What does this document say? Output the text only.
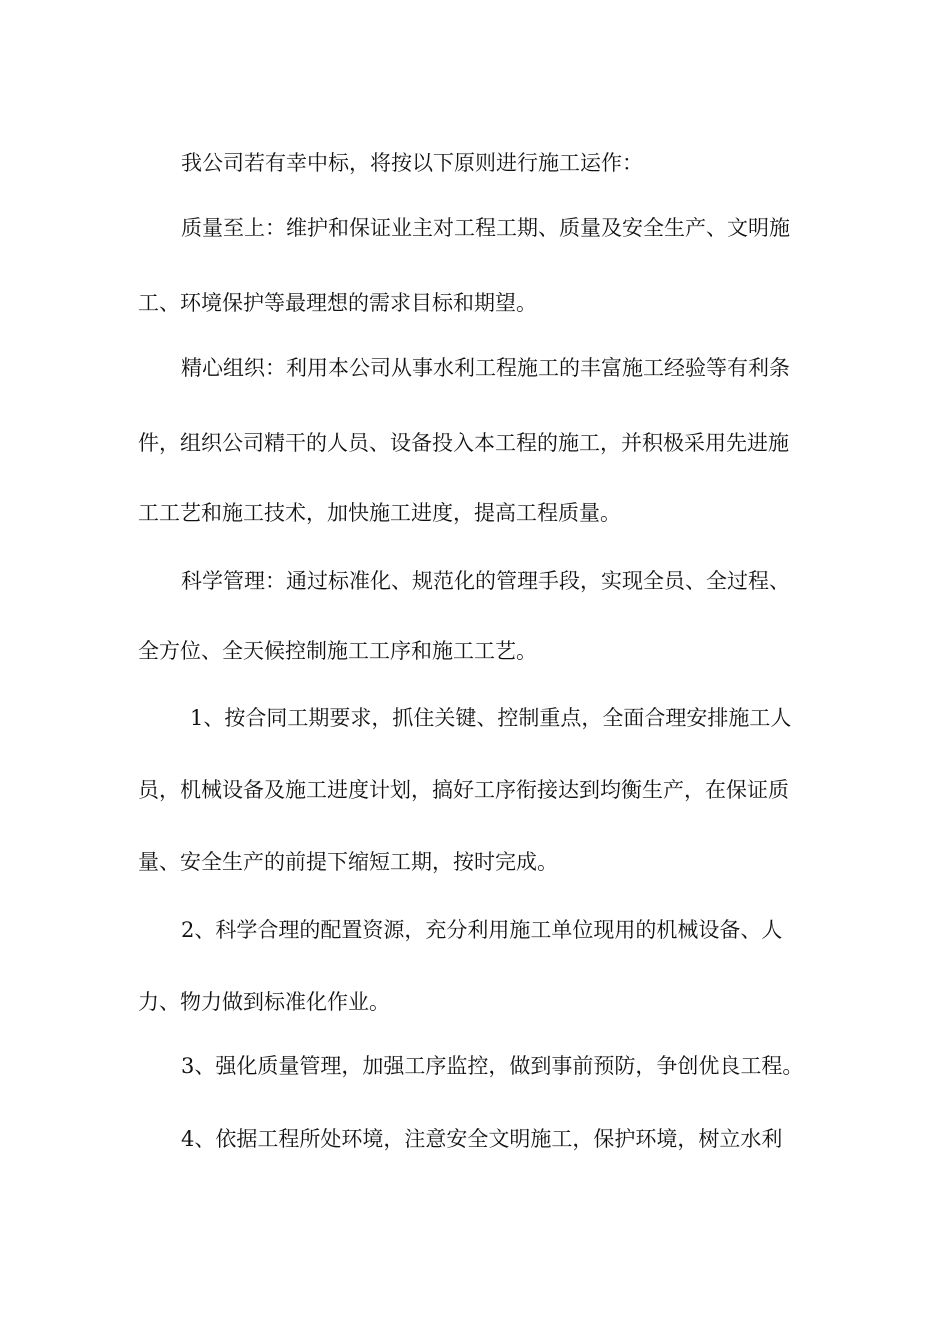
我公司若有幸中标，将按以下原则进行施工运作：
质量至上：维护和保证业主对工程工期、质量及安全生产、文明施
工、环境保护等最理想的需求目标和期望。
精心组织：利用本公司从事水利工程施工的丰富施工经验等有利条
件，组织公司精干的人员、设备投入本工程的施工，并积极采用先进施
工工艺和施工技术，加快施工进度，提高工程质量。
科学管理：通过标准化、规范化的管理手段，实现全员、全过程、
全方位、全天候控制施工工序和施工工艺。
1、按合同工期要求，抓住关键、控制重点，全面合理安排施工人
员，机械设备及施工进度计划，搞好工序衔接达到均衡生产，在保证质
量、安全生产的前提下缩短工期，按时完成。
2、科学合理的配置资源，充分利用施工单位现用的机械设备、人
力、物力做到标准化作业。
3、强化质量管理，加强工序监控，做到事前预防，争创优良工程。
4、依据工程所处环境，注意安全文明施工，保护环境，树立水利
